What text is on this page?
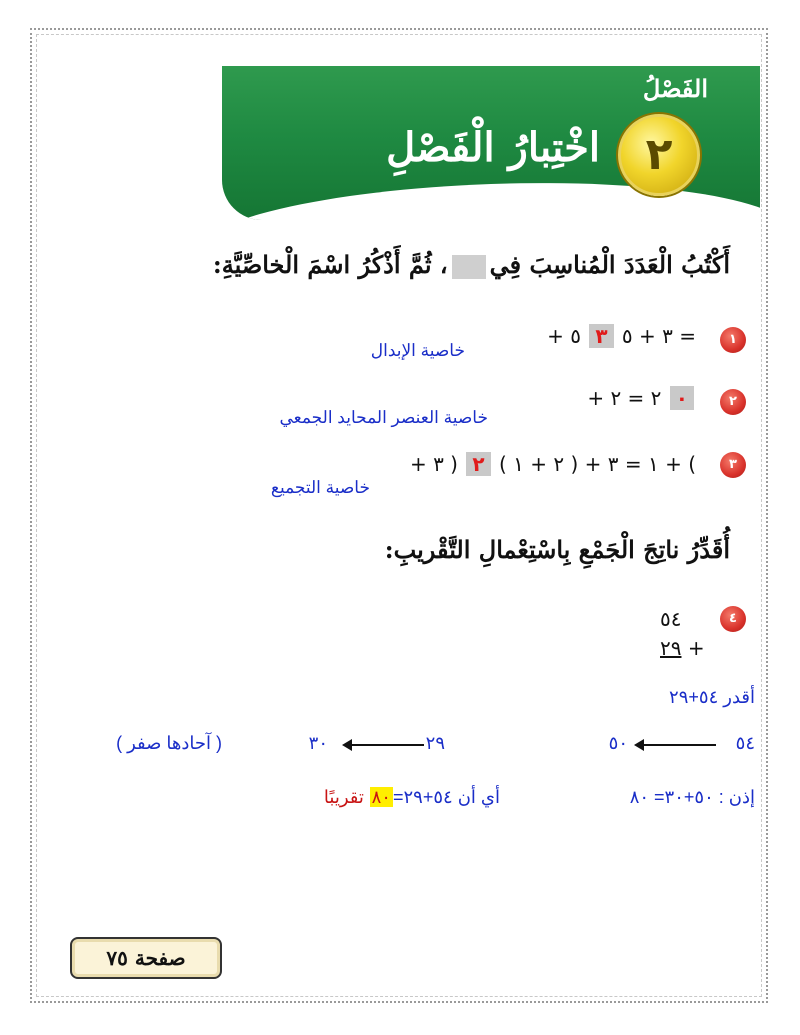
الفَصْلُ
٢
اخْتِبارُ الْفَصْلِ
أَكْتُبُ الْعَدَدَ الْمُناسِبَ فِي، ثُمَّ أَذْكُرُ اسْمَ الْخاصِّيَّةِ:
١
= ٣ + ٥ ٣ ٥ +
خاصية الإبدال
٢
٠ ٢ = ٢ +
خاصية العنصر المحايد الجمعي
٣
) + ١ = ٣ + ( ٢ + ١ ) ٢ ( ٣ +
خاصية التجميع
أُقَدِّرُ ناتِجَ الْجَمْعِ بِاسْتِعْمالِ التَّقْريبِ:
٤
٥٤
٢٩ +
أقدر ٥٤+٢٩
٥٤
٥٠
٢٩
٣٠
( آحادها صفر )
إذن : ٥٠+٣٠= ٨٠
أي أن ٥٤+٢٩=٨٠ تقريبًا
صفحة ٧٥
